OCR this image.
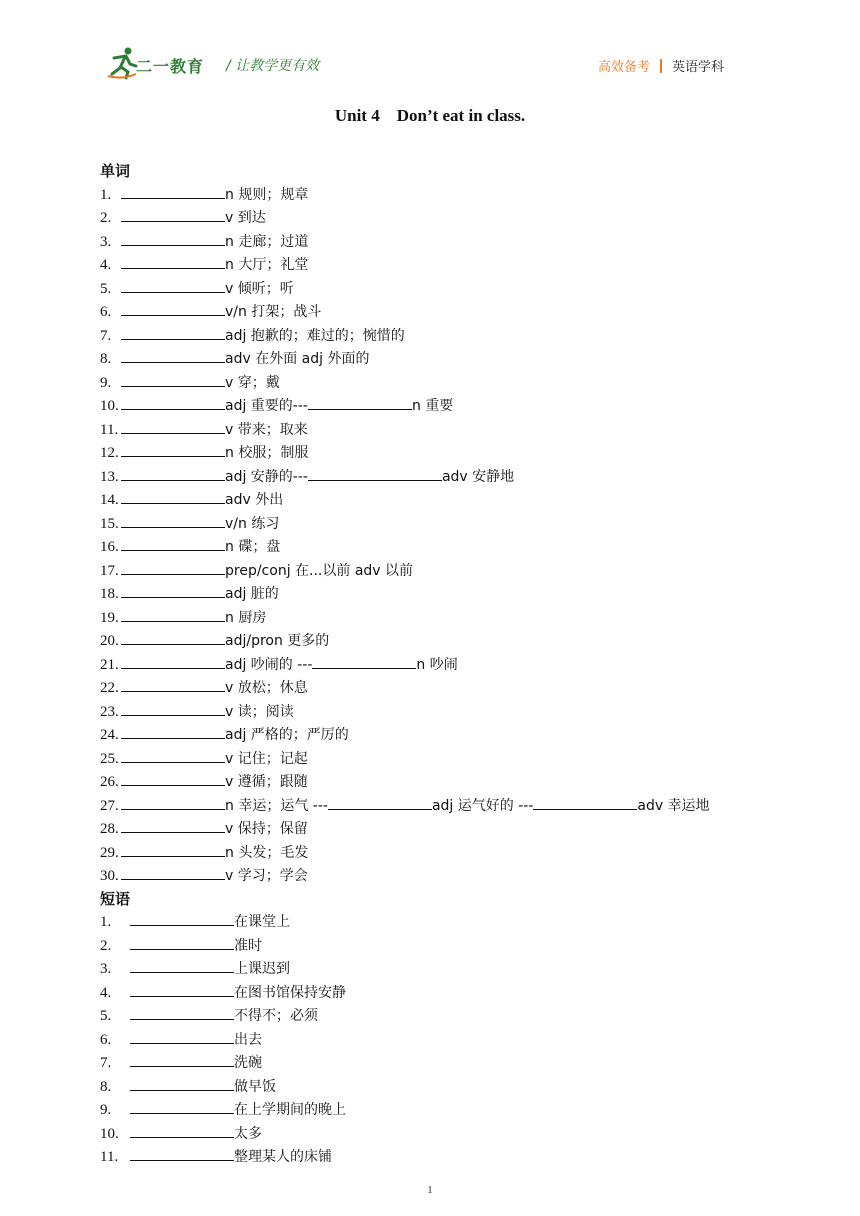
二一教育 / 让教学更有效	高效备考 英语学科
Unit 4    Don’t eat in class.
单词
1.	n 规则；规章
2.	v 到达
3.	n 走廊；过道
4.	n 大厅；礼堂
5.	v 倾听；听
6.	v/n 打架；战斗
7.	adj 抱歉的；难过的；惋惜的
8.	adv 在外面 adj 外面的
9.	v 穿；戴
10.	adj 重要的---	n 重要
11.	v 带来；取来
12.	n 校服；制服
13.	adj 安静的---	adv 安静地
14.	adv 外出
15.	v/n 练习
16.	n 碟；盘
17.	prep/conj 在...以前 adv 以前
18.	adj 脏的
19.	n 厨房
20.	adj/pron 更多的
21.	adj 吵闹的 ---	n 吵闹
22.	v 放松；休息
23.	v 读；阅读
24.	adj 严格的；严厉的
25.	v 记住；记起
26.	v 遵循；跟随
27.	n 幸运；运气 ---	adj 运气好的 ---	adv 幸运地
28.	v 保持；保留
29.	n 头发；毛发
30.	v 学习；学会
短语
1.	在课堂上
2.	准时
3.	上课迟到
4.	在图书馆保持安静
5.	不得不；必须
6.	出去
7.	洗碗
8.	做早饭
9.	在上学期间的晚上
10.	太多
11.	整理某人的床铺
1
